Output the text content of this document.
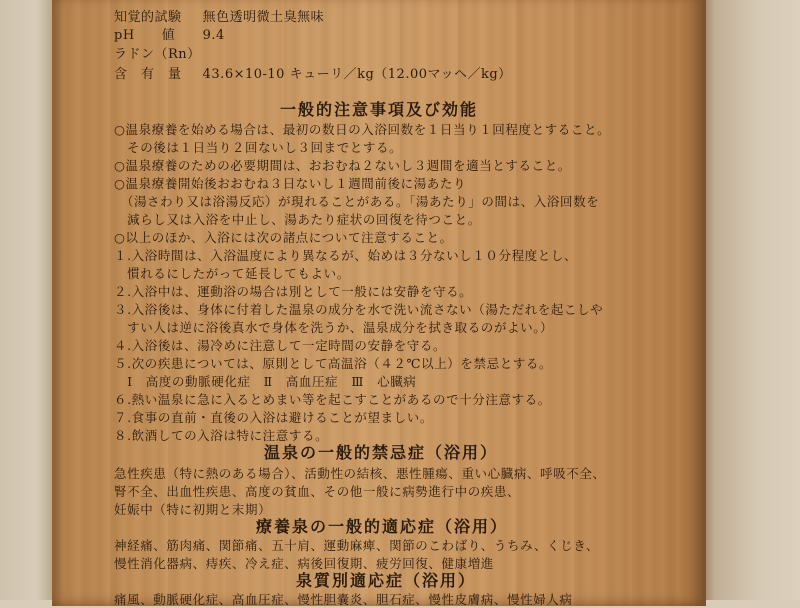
知覚的試験 無色透明微土臭無味
pH　　値 9.4
ラドン（Rn）
含　有　量 43.6×10-10 キューリ／kg（12.00マッヘ／kg）
一般的注意事項及び効能
○温泉療養を始める場合は、最初の数日の入浴回数を１日当り１回程度とすること。
　その後は１日当り２回ないし３回までとする。
○温泉療養のための必要期間は、おおむね２ないし３週間を適当とすること。
○温泉療養開始後おおむね３日ないし１週間前後に湯あたり
　（湯さわり又は浴湯反応）が現れることがある。「湯あたり」の間は、入浴回数を
　減らし又は入浴を中止し、湯あたり症状の回復を待つこと。
○以上のほか、入浴には次の諸点について注意すること。
１.入浴時間は、入浴温度により異なるが、始めは３分ないし１０分程度とし、
　慣れるにしたがって延長してもよい。
２.入浴中は、運動浴の場合は別として一般には安静を守る。
３.入浴後は、身体に付着した温泉の成分を水で洗い流さない（湯ただれを起こしや
　すい人は逆に浴後真水で身体を洗うか、温泉成分を拭き取るのがよい。）
４.入浴後は、湯冷めに注意して一定時間の安静を守る。
５.次の疾患については、原則として高温浴（４２℃以上）を禁忌とする。
　Ⅰ　高度の動脈硬化症　Ⅱ　高血圧症　Ⅲ　心臓病
６.熱い温泉に急に入るとめまい等を起こすことがあるので十分注意する。
７.食事の直前・直後の入浴は避けることが望ましい。
８.飲酒しての入浴は特に注意する。
温泉の一般的禁忌症（浴用）
急性疾患（特に熱のある場合）、活動性の結核、悪性腫瘍、重い心臓病、呼吸不全、
腎不全、出血性疾患、高度の貧血、その他一般に病勢進行中の疾患、
妊娠中（特に初期と末期）
療養泉の一般的適応症（浴用）
神経痛、筋肉痛、関節痛、五十肩、運動麻痺、関節のこわばり、うちみ、くじき、
慢性消化器病、痔疾、冷え症、病後回復期、疲労回復、健康増進
泉質別適応症（浴用）
痛風、動脈硬化症、高血圧症、慢性胆嚢炎、胆石症、慢性皮膚病、慢性婦人病
